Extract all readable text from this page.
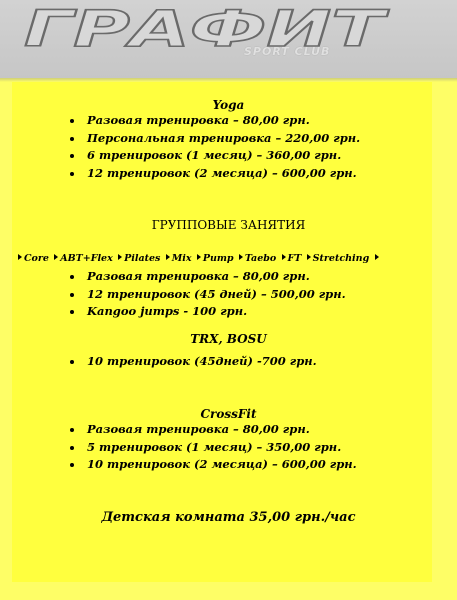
ГРАФИТ
SPORT CLUB
Yoga
Разовая тренировка – 80,00 грн.
Персональная тренировка – 220,00 грн.
6 тренировок (1 месяц) – 360,00 грн.
12 тренировок (2 месяца) – 600,00 грн.
ГРУППОВЫЕ ЗАНЯТИЯ
Core ABT+Flex Pilates Mix Pump Taebo FT Stretching
Разовая тренировка – 80,00 грн.
12 тренировок (45 дней) – 500,00 грн.
Kangoo jumps - 100 грн.
TRX, BOSU
10 тренировок (45дней) -700 грн.
CrossFit
Разовая тренировка – 80,00 грн.
5 тренировок (1 месяц) – 350,00 грн.
10 тренировок (2 месяца) – 600,00 грн.
Детская комната 35,00 грн./час
